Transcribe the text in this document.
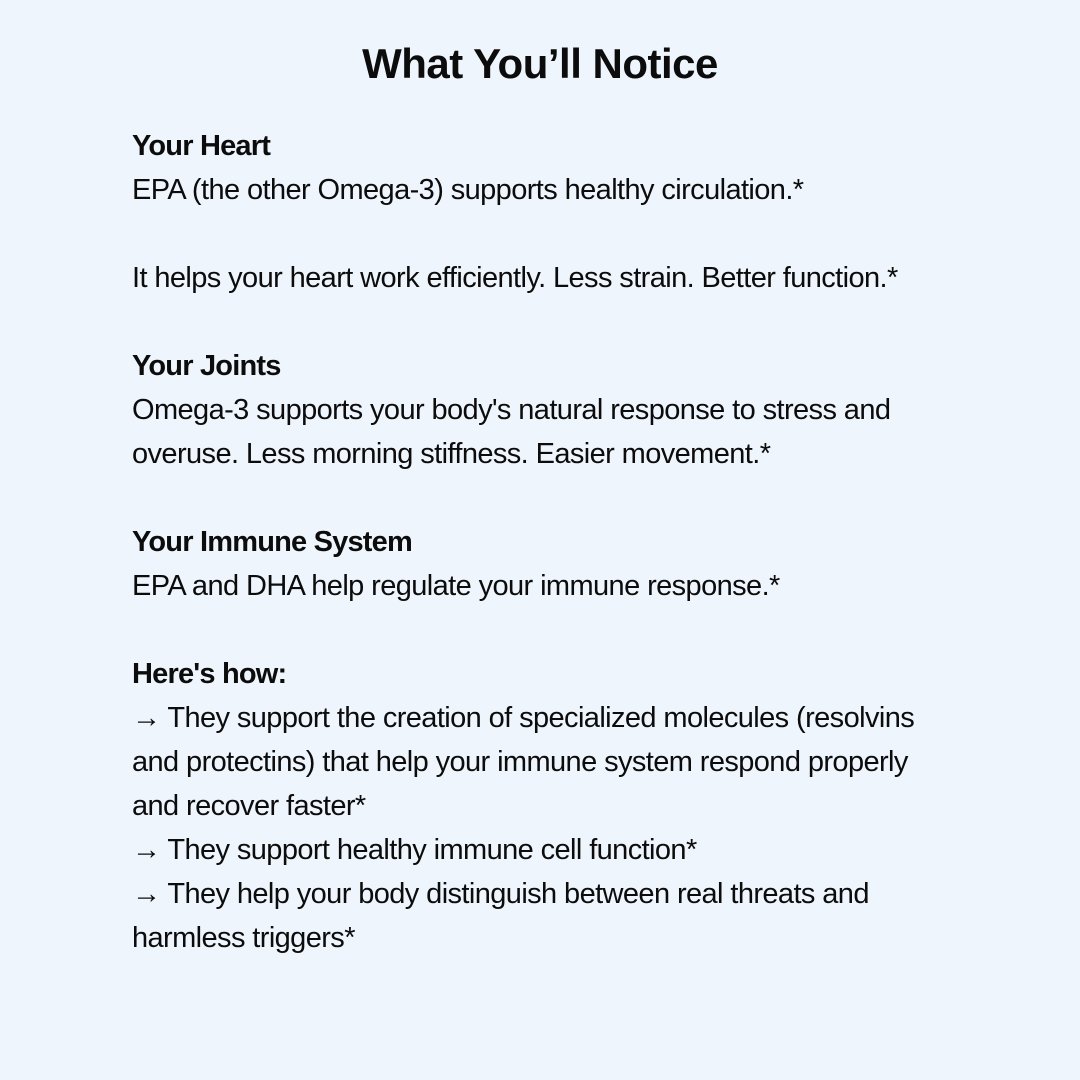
What You’ll Notice
Your Heart

EPA (the other Omega-3) supports healthy circulation.*

It helps your heart work efficiently. Less strain. Better function.*

Your Joints

Omega-3 supports your body's natural response to stress and overuse. Less morning stiffness. Easier movement.*

Your Immune System

EPA and DHA help regulate your immune response.*

Here's how:
→ They support the creation of specialized molecules (resolvins and protectins) that help your immune system respond properly and recover faster*
→ They support healthy immune cell function*
→ They help your body distinguish between real threats and harmless triggers*
